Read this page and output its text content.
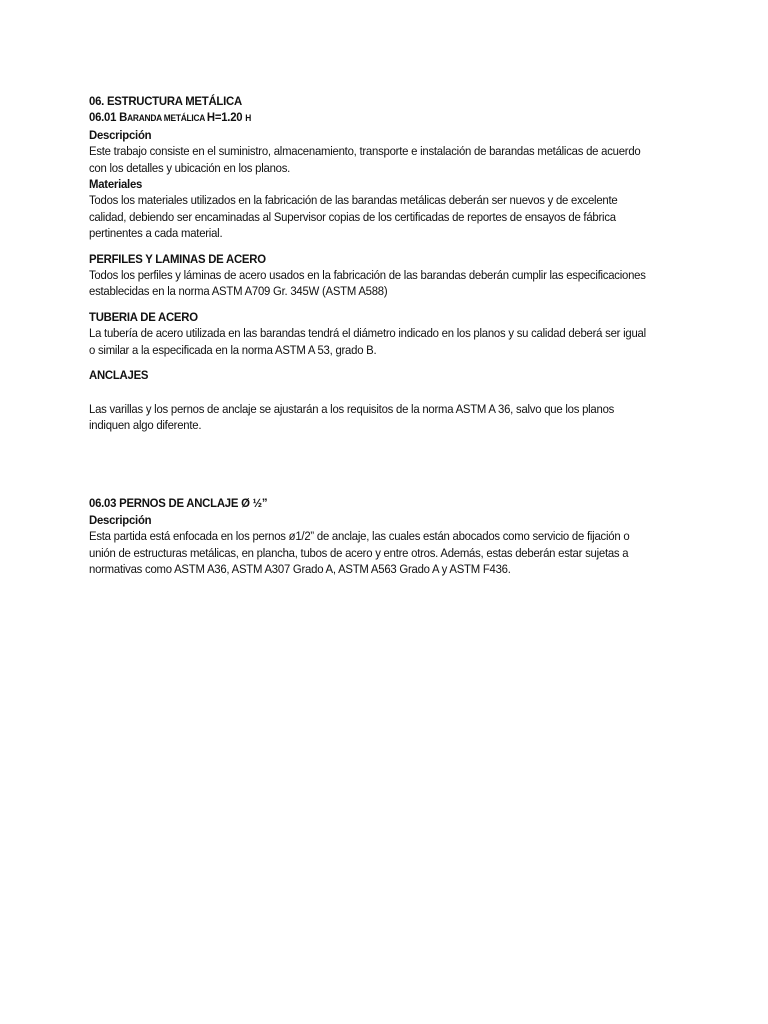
06. ESTRUCTURA METÁLICA

06.01 BARANDA METÁLICA H=1.20 H

Descripción

Este trabajo consiste en el suministro, almacenamiento, transporte e instalación de barandas metálicas de acuerdo

con los detalles y ubicación en los planos.

Materiales

Todos los materiales utilizados en la fabricación de las barandas metálicas deberán ser nuevos y de excelente

calidad, debiendo ser encaminadas al Supervisor copias de los certificadas de reportes de ensayos de fábrica

pertinentes a cada material.

PERFILES Y LAMINAS DE ACERO

Todos los perfiles y láminas de acero usados en la fabricación de las barandas deberán cumplir las especificaciones

establecidas en la norma ASTM A709 Gr. 345W (ASTM A588)

TUBERIA DE ACERO

La tubería de acero utilizada en las barandas tendrá el diámetro indicado en los planos y su calidad deberá ser igual

o similar a la especificada en la norma ASTM A 53, grado B.

ANCLAJES

Las varillas y los pernos de anclaje se ajustarán a los requisitos de la norma ASTM A 36, salvo que los planos

indiquen algo diferente.

06.03 PERNOS DE ANCLAJE Ø ½”

Descripción

Esta partida está enfocada en los pernos ø1/2” de anclaje, las cuales están abocados como servicio de fijación o

unión de estructuras metálicas, en plancha, tubos de acero y entre otros. Además, estas deberán estar sujetas a

normativas como ASTM A36, ASTM A307 Grado A, ASTM A563 Grado A y ASTM F436.
